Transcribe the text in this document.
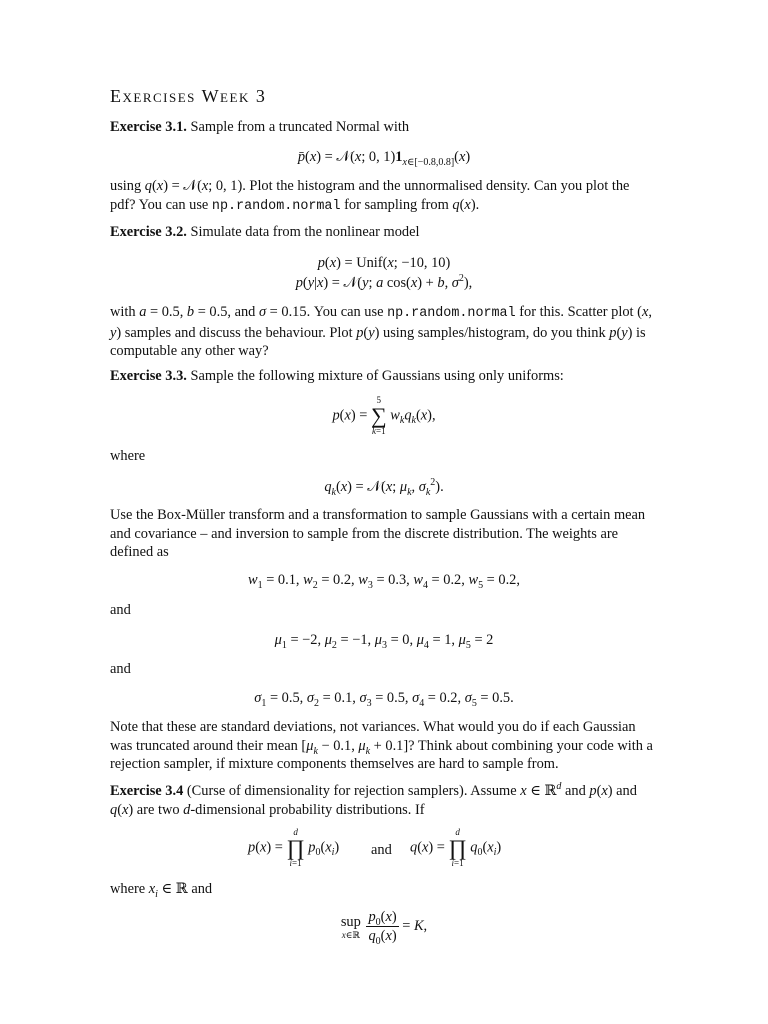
Exercises Week 3
Exercise 3.1. Sample from a truncated Normal with
p̄(x) = 𝒩(x; 0, $1)1_{x\in[-0.8,0.8]}(x)$
using q(x) = 𝒩(x; 0, 1). Plot the histogram and the unnormalised density. Can you plot the pdf? You can use np.random.normal for sampling from q(x).
Exercise 3.2. Simulate data from the nonlinear model
p(x) = Unif(x; −10, 10)
p(y|x) = 𝒩(y; a cos(x) + b, $\sigma^2$),
with a = 0.5, b = 0.5, and σ = 0.15. You can use np.random.normal for this. Scatter plot (x, y) samples and discuss the behaviour. Plot p(y) using samples/histogram, do you think p(y) is computable any other way?
Exercise 3.3. Sample the following mixture of Gaussians using only uniforms:
p(x) =
5
∑
k=1
$w_kq_k(x)$,
where
$q_k(x)$ = 𝒩(x; $\mu_k$, $\sigma_k^2$).
Use the Box-Müller transform and a transformation to sample Gaussians with a certain mean and covariance – and inversion to sample from the discrete distribution. The weights are defined as
$w_1 = 0.1$, $w_2 = 0.2$, $w_3 = 0.3$, $w_4 = 0.2$, $w_5 = 0.2$,
and
$\mu_1 = -2$, $\mu_2 = -1$, $\mu_3 = 0$, $\mu_4 = 1$, $\mu_5 = 2$
and
$\sigma_1 = 0.5$, $\sigma_2 = 0.1$, $\sigma_3 = 0.5$, $\sigma_4 = 0.2$, $\sigma_5 = 0.5$.
Note that these are standard deviations, not variances. What would you do if each Gaussian was truncated around their mean [$\mu_k - 0.1$, $\mu_k + 0.1$]? Think about combining your code with a rejection sampler, if mixture components themselves are hard to sample from.
Exercise 3.4 (Curse of dimensionality for rejection samplers). Assume x ∈ ℝ$^d$ and p(x) and q(x) are two d-dimensional probability distributions. If
p(x) =
d
∏
i=1
$p_0(x_i)$ and q(x) =
d
∏
i=1
$q_0(x_i)$
where $x_i$ ∈ ℝ and
sup
x∈ℝ
$\frac{p_0(x)}{q_0(x)} = K$,
